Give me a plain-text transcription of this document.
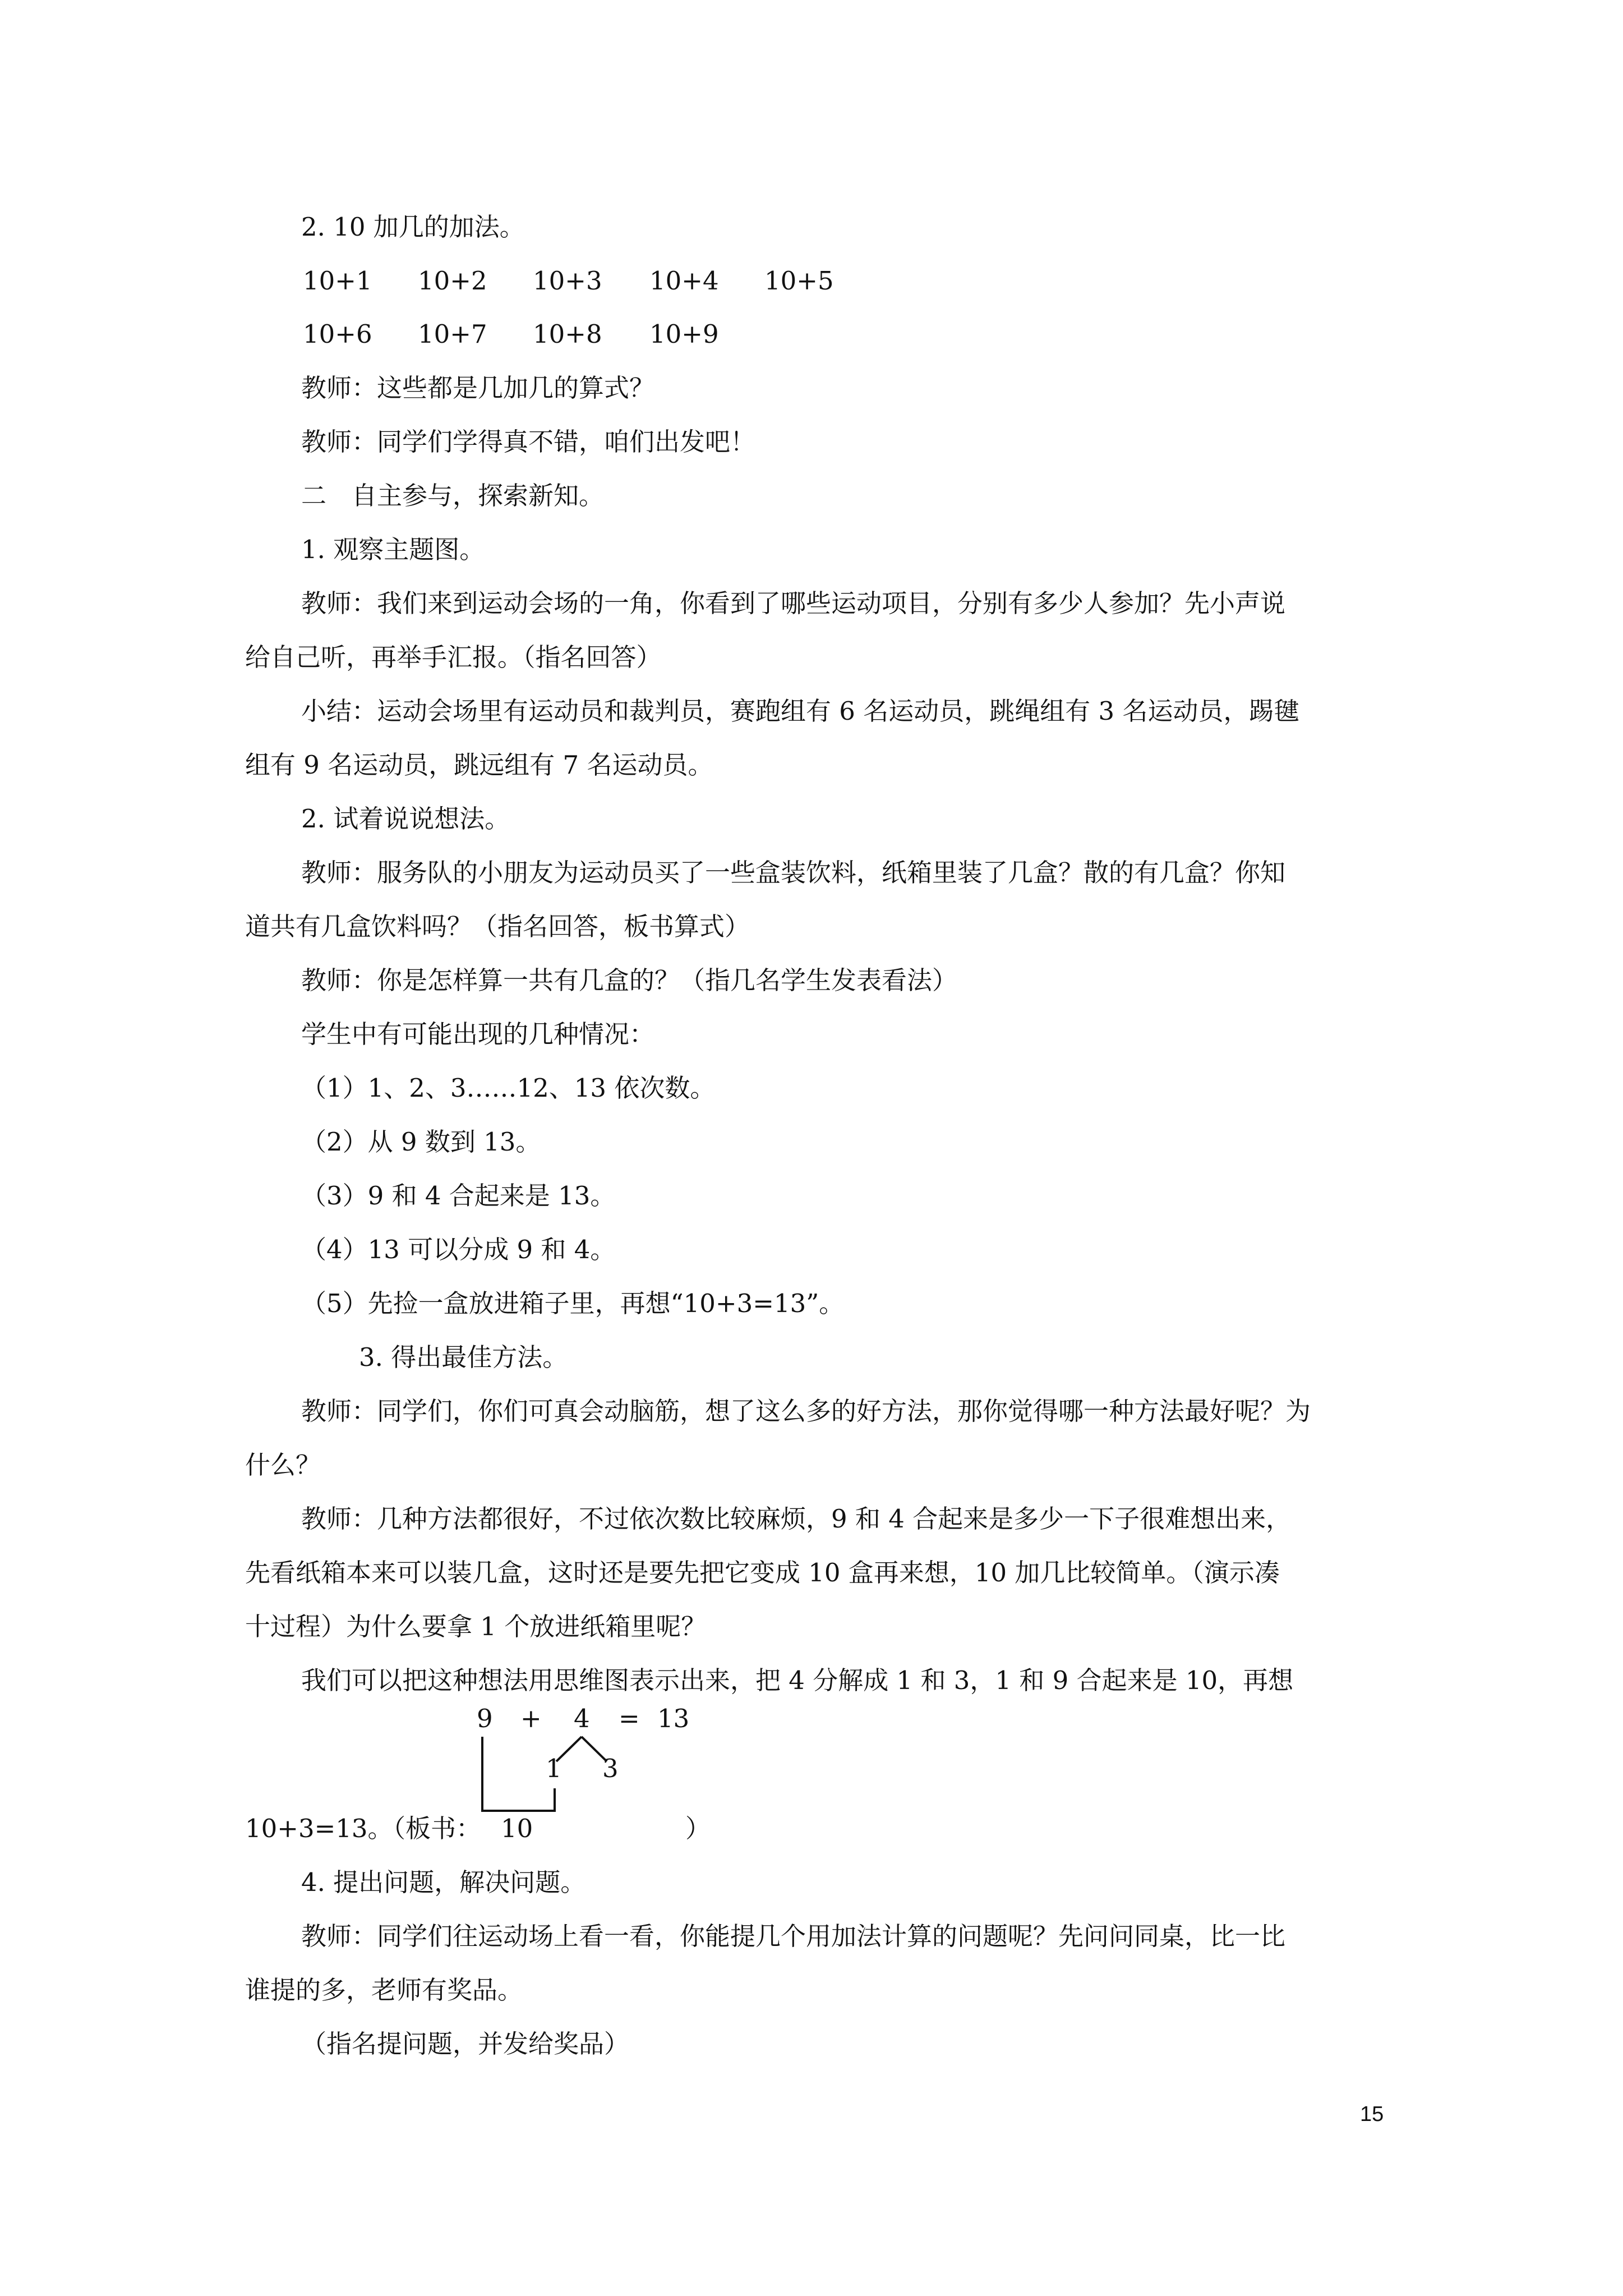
2. 10 加几的加法。
10+1 10+2 10+3 10+4 10+5
10+6 10+7 10+8 10+9
教师：这些都是几加几的算式？
教师：同学们学得真不错，咱们出发吧！
二　自主参与，探索新知。
1. 观察主题图。
教师：我们来到运动会场的一角，你看到了哪些运动项目，分别有多少人参加？先小声说
给自己听，再举手汇报。（指名回答）
小结：运动会场里有运动员和裁判员，赛跑组有 6 名运动员，跳绳组有 3 名运动员，踢毽
组有 9 名运动员，跳远组有 7 名运动员。
2. 试着说说想法。
教师：服务队的小朋友为运动员买了一些盒装饮料，纸箱里装了几盒？散的有几盒？你知
道共有几盒饮料吗？（指名回答，板书算式）
教师：你是怎样算一共有几盒的？（指几名学生发表看法）
学生中有可能出现的几种情况：
（1）1、2、3……12、13 依次数。
（2）从 9 数到 13。
（3）9 和 4 合起来是 13。
（4）13 可以分成 9 和 4。
（5）先捡一盒放进箱子里，再想“10+3=13”。
3. 得出最佳方法。
教师：同学们，你们可真会动脑筋，想了这么多的好方法，那你觉得哪一种方法最好呢？为
什么？
教师：几种方法都很好，不过依次数比较麻烦，9 和 4 合起来是多少一下子很难想出来，
先看纸箱本来可以装几盒，这时还是要先把它变成 10 盒再来想，10 加几比较简单。（演示凑
十过程）为什么要拿 1 个放进纸箱里呢？
我们可以把这种想法用思维图表示出来，把 4 分解成 1 和 3，1 和 9 合起来是 10，再想
9 + 4 = 13
1 3
10+3=13。（板书： 10	）
4. 提出问题，解决问题。
教师：同学们往运动场上看一看，你能提几个用加法计算的问题呢？先问问同桌，比一比
谁提的多，老师有奖品。
（指名提问题，并发给奖品）
15
